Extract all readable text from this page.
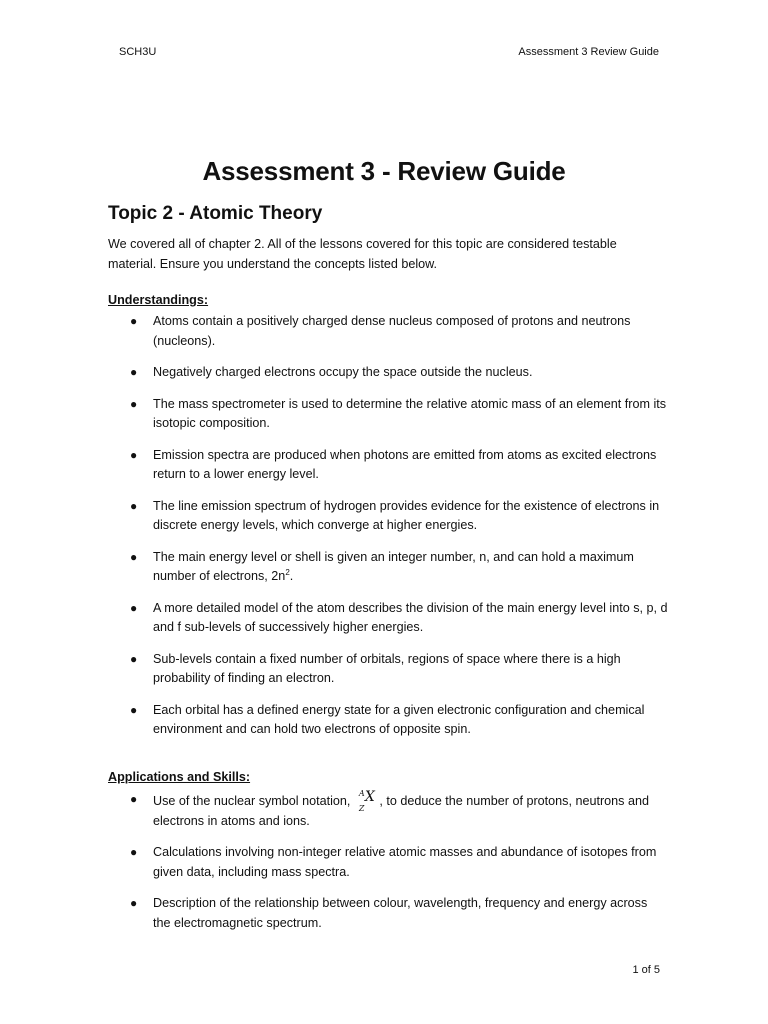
SCH3U	Assessment 3 Review Guide
Assessment 3 - Review Guide
Topic 2 - Atomic Theory
We covered all of chapter 2. All of the lessons covered for this topic are considered testable material. Ensure you understand the concepts listed below.
Understandings:
● Atoms contain a positively charged dense nucleus composed of protons and neutrons (nucleons).
● Negatively charged electrons occupy the space outside the nucleus.
● The mass spectrometer is used to determine the relative atomic mass of an element from its isotopic composition.
● Emission spectra are produced when photons are emitted from atoms as excited electrons return to a lower energy level.
● The line emission spectrum of hydrogen provides evidence for the existence of electrons in discrete energy levels, which converge at higher energies.
● The main energy level or shell is given an integer number, n, and can hold a maximum number of electrons, $2n^2$.
● A more detailed model of the atom describes the division of the main energy level into s, p, d and f sub-levels of successively higher energies.
● Sub-levels contain a fixed number of orbitals, regions of space where there is a high probability of finding an electron.
● Each orbital has a defined energy state for a given electronic configuration and chemical environment and can hold two electrons of opposite spin.
Applications and Skills:
● Use of the nuclear symbol notation,
A
Z
X , to deduce the number of protons, neutrons and electrons in atoms and ions.
● Calculations involving non-integer relative atomic masses and abundance of isotopes from given data, including mass spectra.
● Description of the relationship between colour, wavelength, frequency and energy across the electromagnetic spectrum.
1 of 5
